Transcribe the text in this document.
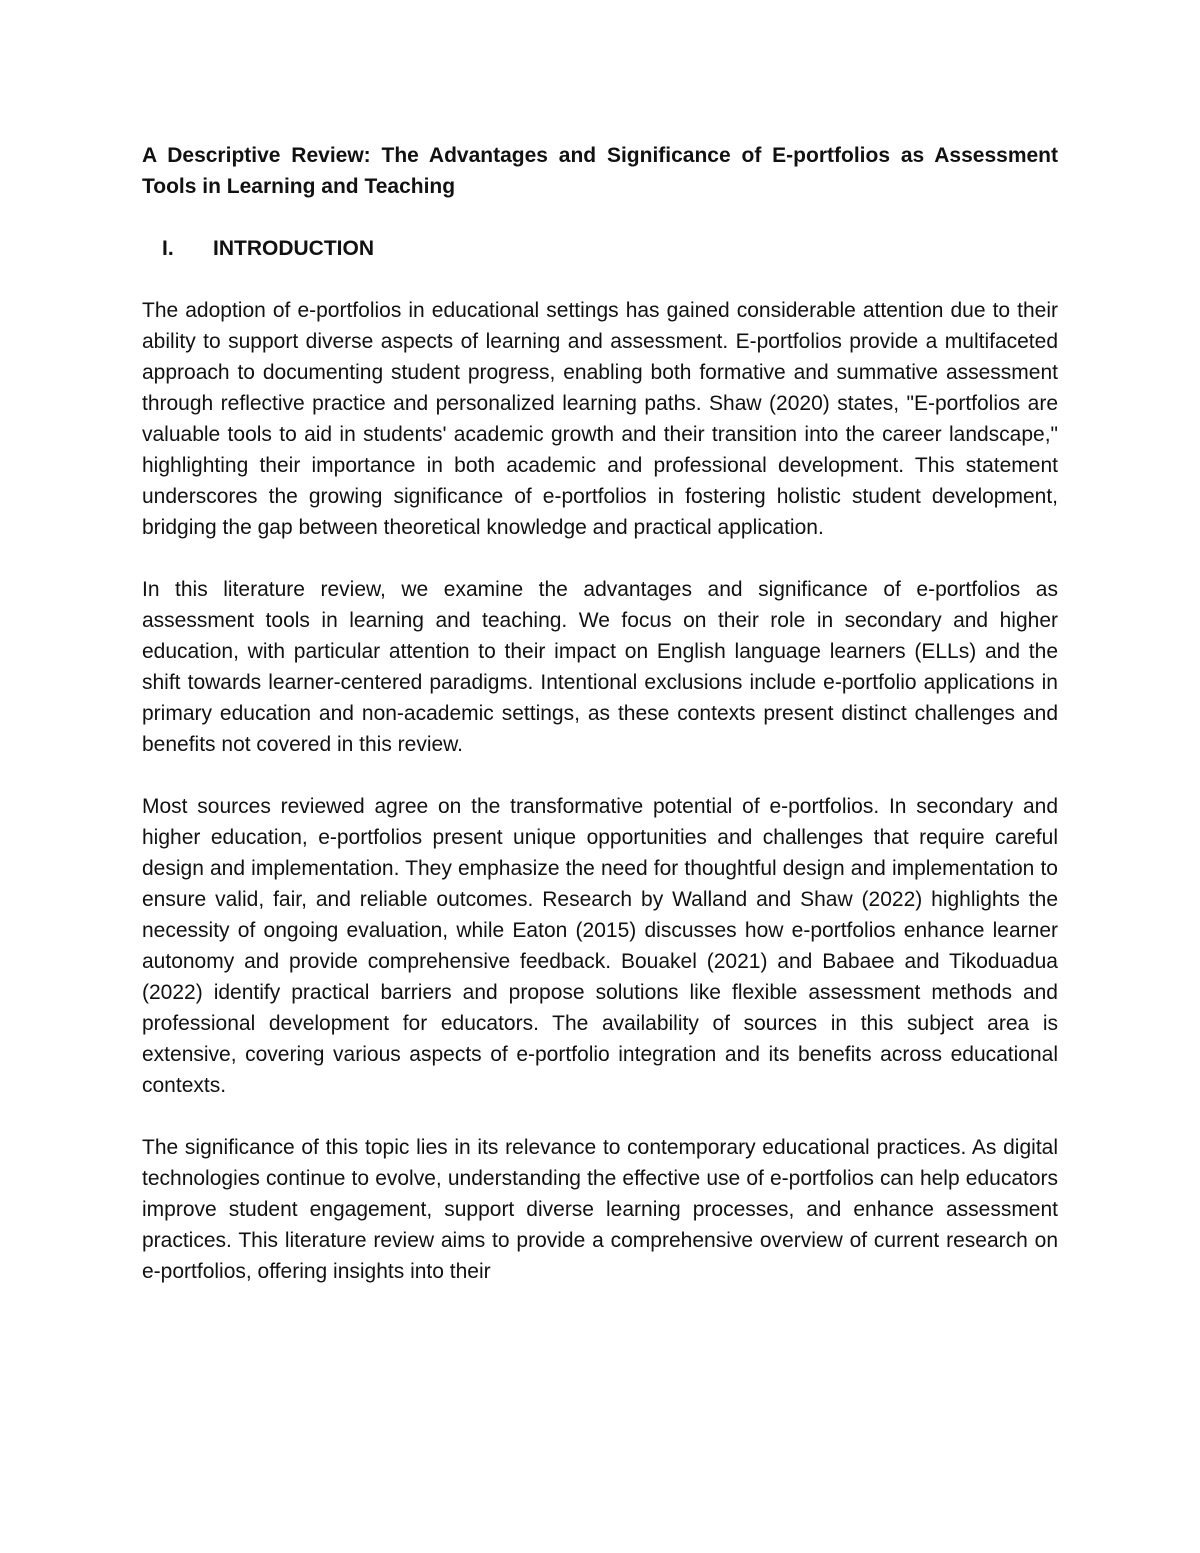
A Descriptive Review: The Advantages and Significance of E-portfolios as Assessment Tools in Learning and Teaching
I.	INTRODUCTION

The adoption of e-portfolios in educational settings has gained considerable attention due to their ability to support diverse aspects of learning and assessment. E-portfolios provide a multifaceted approach to documenting student progress, enabling both formative and summative assessment through reflective practice and personalized learning paths. Shaw (2020) states, "E-portfolios are valuable tools to aid in students' academic growth and their transition into the career landscape," highlighting their importance in both academic and professional development. This statement underscores the growing significance of e-portfolios in fostering holistic student development, bridging the gap between theoretical knowledge and practical application.

In this literature review, we examine the advantages and significance of e-portfolios as assessment tools in learning and teaching. We focus on their role in secondary and higher education, with particular attention to their impact on English language learners (ELLs) and the shift towards learner-centered paradigms. Intentional exclusions include e-portfolio applications in primary education and non-academic settings, as these contexts present distinct challenges and benefits not covered in this review.

Most sources reviewed agree on the transformative potential of e-portfolios. In secondary and higher education, e-portfolios present unique opportunities and challenges that require careful design and implementation. They emphasize the need for thoughtful design and implementation to ensure valid, fair, and reliable outcomes. Research by Walland and Shaw (2022) highlights the necessity of ongoing evaluation, while Eaton (2015) discusses how e-portfolios enhance learner autonomy and provide comprehensive feedback. Bouakel (2021) and Babaee and Tikoduadua (2022) identify practical barriers and propose solutions like flexible assessment methods and professional development for educators. The availability of sources in this subject area is extensive, covering various aspects of e-portfolio integration and its benefits across educational contexts.

The significance of this topic lies in its relevance to contemporary educational practices. As digital technologies continue to evolve, understanding the effective use of e-portfolios can help educators improve student engagement, support diverse learning processes, and enhance assessment practices. This literature review aims to provide a comprehensive overview of current research on e-portfolios, offering insights into their
